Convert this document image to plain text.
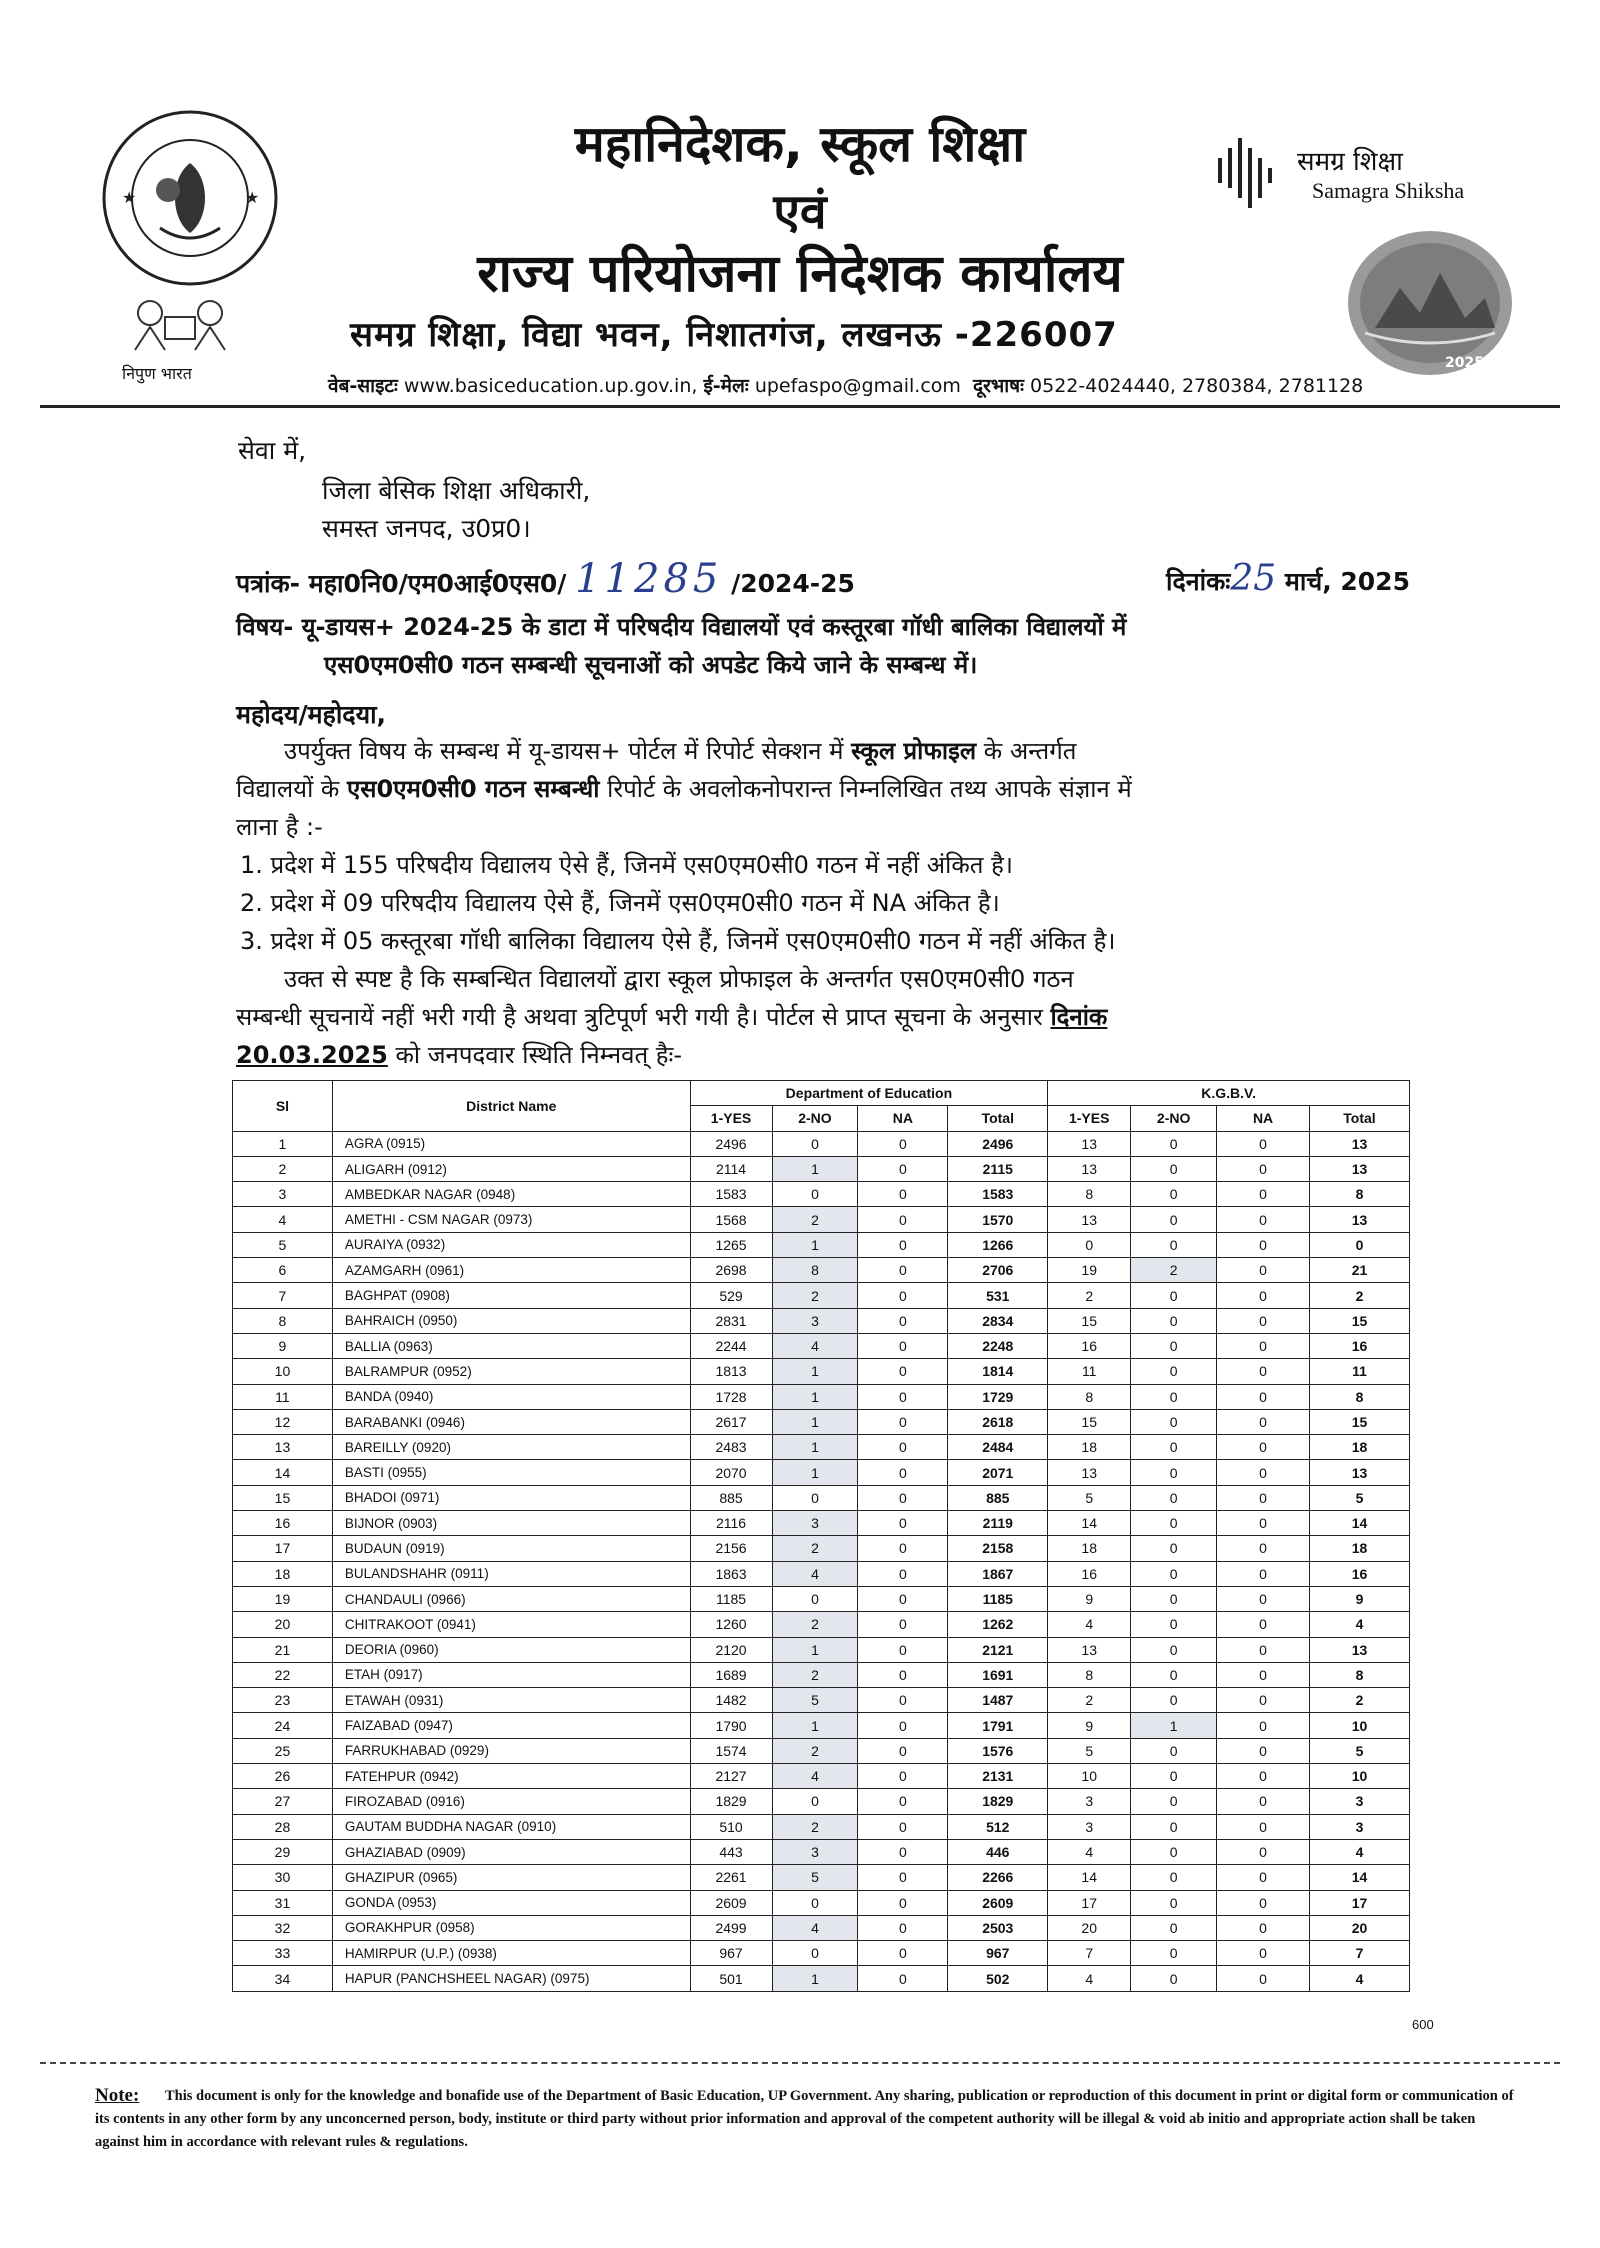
★	★
निपुण भारत
समग्र शिक्षा
Samagra Shiksha
2025
महानिदेशक, स्कूल शिक्षा
एवं
राज्य परियोजना निदेशक कार्यालय
समग्र शिक्षा, विद्या भवन, निशातगंज, लखनऊ -226007
वेब-साइटः www.basiceducation.up.gov.in, ई-मेलः upefaspo@gmail.com दूरभाषः 0522-4024440, 2780384, 2781128
सेवा में,
जिला बेसिक शिक्षा अधिकारी,
समस्त जनपद, उ0प्र0।
पत्रांक- महा0नि0/एम0आई0एस0/ 11285 /2024-25	दिनांकः25 मार्च, 2025
विषय- यू-डायस+ 2024-25 के डाटा में परिषदीय विद्यालयों एवं कस्तूरबा गॉधी बालिका विद्यालयों में
एस0एम0सी0 गठन सम्बन्धी सूचनाओं को अपडेट किये जाने के सम्बन्ध में।
महोदय/महोदया,
उपर्युक्त विषय के सम्बन्ध में यू-डायस+ पोर्टल में रिपोर्ट सेक्शन में स्कूल प्रोफाइल के अन्तर्गत
विद्यालयों के एस0एम0सी0 गठन सम्बन्धी रिपोर्ट के अवलोकनोपरान्त निम्नलिखित तथ्य आपके संज्ञान में
लाना है :-
1. प्रदेश में 155 परिषदीय विद्यालय ऐसे हैं, जिनमें एस0एम0सी0 गठन में नहीं अंकित है।
2. प्रदेश में 09 परिषदीय विद्यालय ऐसे हैं, जिनमें एस0एम0सी0 गठन में NA अंकित है।
3. प्रदेश में 05 कस्तूरबा गॉधी बालिका विद्यालय ऐसे हैं, जिनमें एस0एम0सी0 गठन में नहीं अंकित है।
उक्त से स्पष्ट है कि सम्बन्धित विद्यालयों द्वारा स्कूल प्रोफाइल के अन्तर्गत एस0एम0सी0 गठन
सम्बन्धी सूचनायें नहीं भरी गयी है अथवा त्रुटिपूर्ण भरी गयी है। पोर्टल से प्राप्त सूचना के अनुसार दिनांक
20.03.2025 को जनपदवार स्थिति निम्नवत् हैः-
Sl	District Name	Department of Education				K.G.B.V.			
		1-YES	2-NO	NA	Total	1-YES	2-NO	NA	Total
1	AGRA (0915)	2496	0	0	2496	13	0	0	13
2	ALIGARH (0912)	2114	1	0	2115	13	0	0	13
3	AMBEDKAR NAGAR (0948)	1583	0	0	1583	8	0	0	8
4	AMETHI - CSM NAGAR (0973)	1568	2	0	1570	13	0	0	13
5	AURAIYA (0932)	1265	1	0	1266	0	0	0	0
6	AZAMGARH (0961)	2698	8	0	2706	19	2	0	21
7	BAGHPAT (0908)	529	2	0	531	2	0	0	2
8	BAHRAICH (0950)	2831	3	0	2834	15	0	0	15
9	BALLIA (0963)	2244	4	0	2248	16	0	0	16
10	BALRAMPUR (0952)	1813	1	0	1814	11	0	0	11
11	BANDA (0940)	1728	1	0	1729	8	0	0	8
12	BARABANKI (0946)	2617	1	0	2618	15	0	0	15
13	BAREILLY (0920)	2483	1	0	2484	18	0	0	18
14	BASTI (0955)	2070	1	0	2071	13	0	0	13
15	BHADOI (0971)	885	0	0	885	5	0	0	5
16	BIJNOR (0903)	2116	3	0	2119	14	0	0	14
17	BUDAUN (0919)	2156	2	0	2158	18	0	0	18
18	BULANDSHAHR (0911)	1863	4	0	1867	16	0	0	16
19	CHANDAULI (0966)	1185	0	0	1185	9	0	0	9
20	CHITRAKOOT (0941)	1260	2	0	1262	4	0	0	4
21	DEORIA (0960)	2120	1	0	2121	13	0	0	13
22	ETAH (0917)	1689	2	0	1691	8	0	0	8
23	ETAWAH (0931)	1482	5	0	1487	2	0	0	2
24	FAIZABAD (0947)	1790	1	0	1791	9	1	0	10
25	FARRUKHABAD (0929)	1574	2	0	1576	5	0	0	5
26	FATEHPUR (0942)	2127	4	0	2131	10	0	0	10
27	FIROZABAD (0916)	1829	0	0	1829	3	0	0	3
28	GAUTAM BUDDHA NAGAR (0910)	510	2	0	512	3	0	0	3
29	GHAZIABAD (0909)	443	3	0	446	4	0	0	4
30	GHAZIPUR (0965)	2261	5	0	2266	14	0	0	14
31	GONDA (0953)	2609	0	0	2609	17	0	0	17
32	GORAKHPUR (0958)	2499	4	0	2503	20	0	0	20
33	HAMIRPUR (U.P.) (0938)	967	0	0	967	7	0	0	7
34	HAPUR (PANCHSHEEL NAGAR) (0975)	501	1	0	502	4	0	0	4
600
Note:	This document is only for the knowledge and bonafide use of the Department of Basic Education, UP Government. Any sharing, publication or reproduction of this document in print or digital form or communication of its contents in any other form by any unconcerned person, body, institute or third party without prior information and approval of the competent authority will be illegal & void ab initio and appropriate action shall be taken against him in accordance with relevant rules & regulations.
